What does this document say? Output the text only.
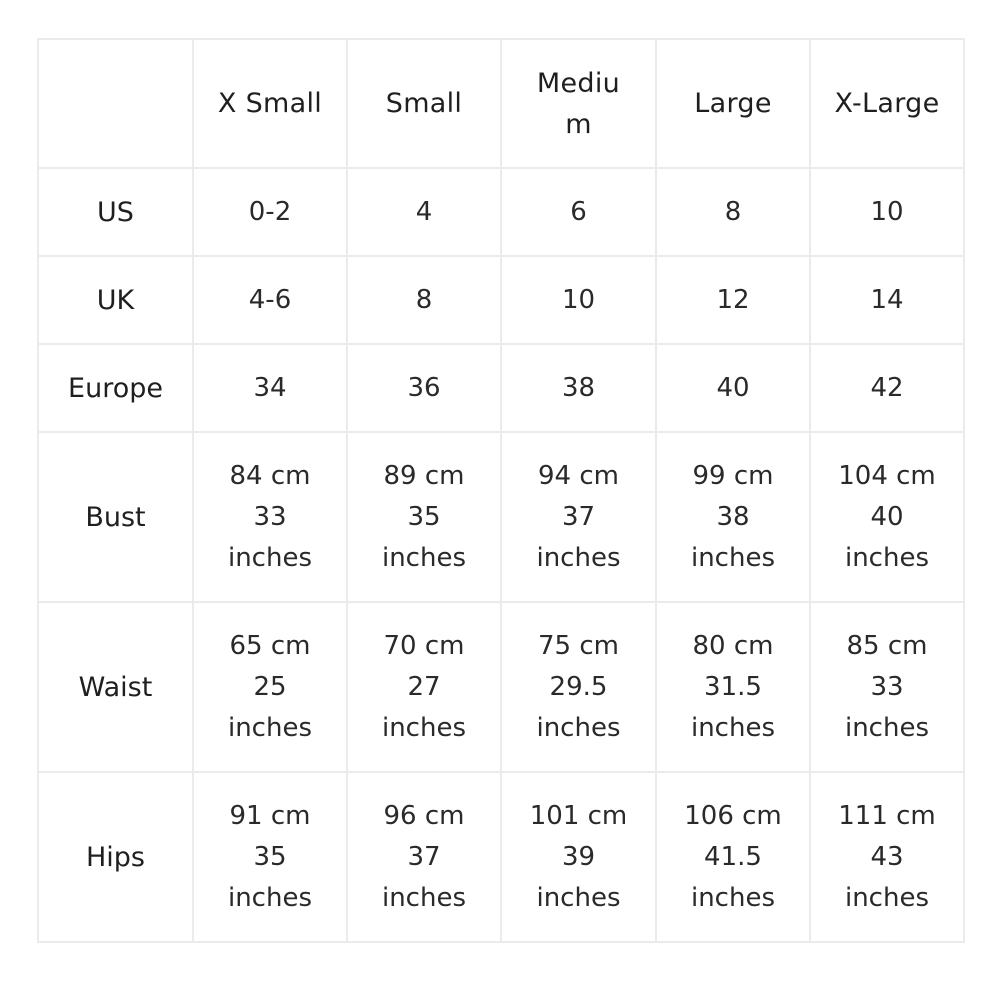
	X Small	Small	Mediu
m	Large	X-Large

US	0-2	4	6	8	10
UK	4-6	8	10	12	14
Europe	34	36	38	40	42
Bust	84 cm
33
inches	89 cm
35
inches	94 cm
37
inches	99 cm
38
inches	104 cm
40
inches

Waist	65 cm
25
inches	70 cm
27
inches	75 cm
29.5
inches	80 cm
31.5
inches	85 cm
33
inches

Hips	91 cm
35
inches	96 cm
37
inches	101 cm
39
inches	106 cm
41.5
inches	111 cm
43
inches
